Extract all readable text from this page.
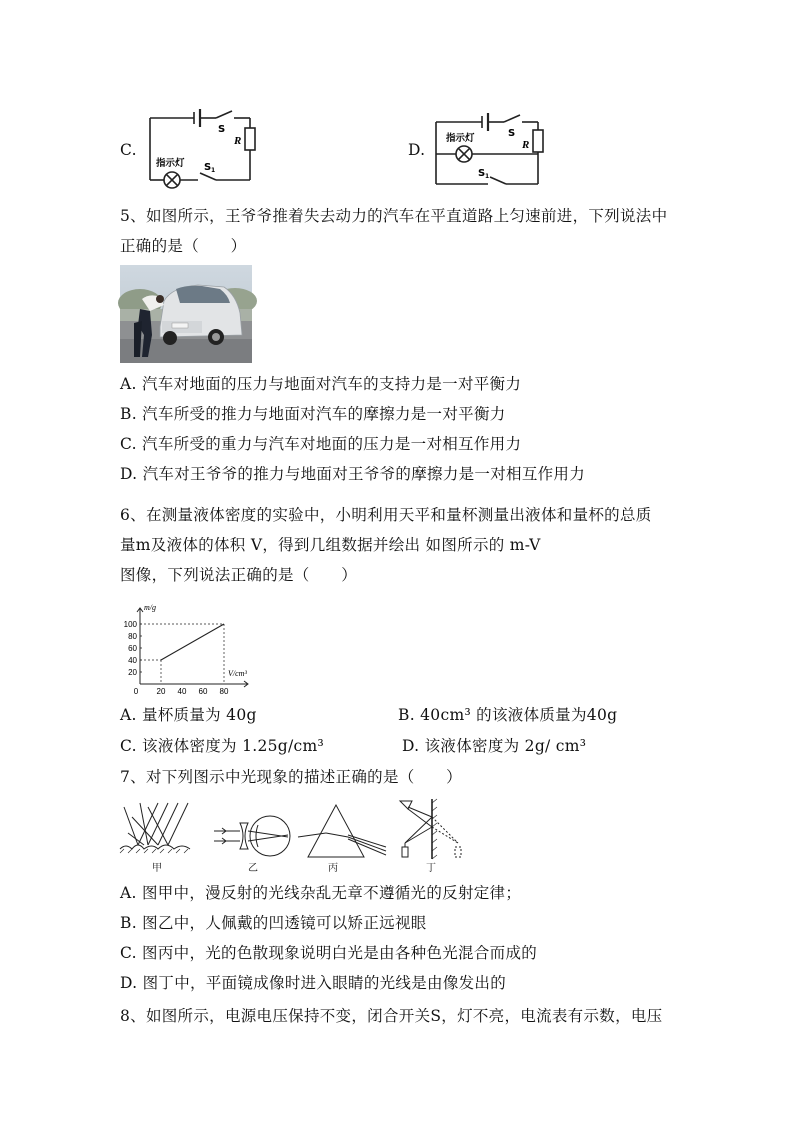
C.
S
R
指示灯 S 1
D.
S
R
指示灯
S 1
5、如图所示，王爷爷推着失去动力的汽车在平直道路上匀速前进，下列说法中
正确的是（　　）
A. 汽车对地面的压力与地面对汽车的支持力是一对平衡力
B. 汽车所受的推力与地面对汽车的摩擦力是一对平衡力
C. 汽车所受的重力与汽车对地面的压力是一对相互作用力
D. 汽车对王爷爷的推力与地面对王爷爷的摩擦力是一对相互作用力
6、在测量液体密度的实验中，小明利用天平和量杯测量出液体和量杯的总质
量m及液体的体积 V，得到几组数据并绘出 如图所示的 m-V
图像，下列说法正确的是（　　）
0 20 40 60 80
20
40
60
80
100
m/g
V/cm³
A. 量杯质量为 40g	B. 40cm³ 的该液体质量为40g
C. 该液体密度为 1.25g/cm³	D. 该液体密度为 2g/ cm³
7、对下列图示中光现象的描述正确的是（　　）
甲	乙	丙	丁
A. 图甲中，漫反射的光线杂乱无章不遵循光的反射定律；
B. 图乙中，人佩戴的凹透镜可以矫正远视眼
C. 图丙中，光的色散现象说明白光是由各种色光混合而成的
D. 图丁中，平面镜成像时进入眼睛的光线是由像发出的
8、如图所示，电源电压保持不变，闭合开关S，灯不亮，电流表有示数，电压
